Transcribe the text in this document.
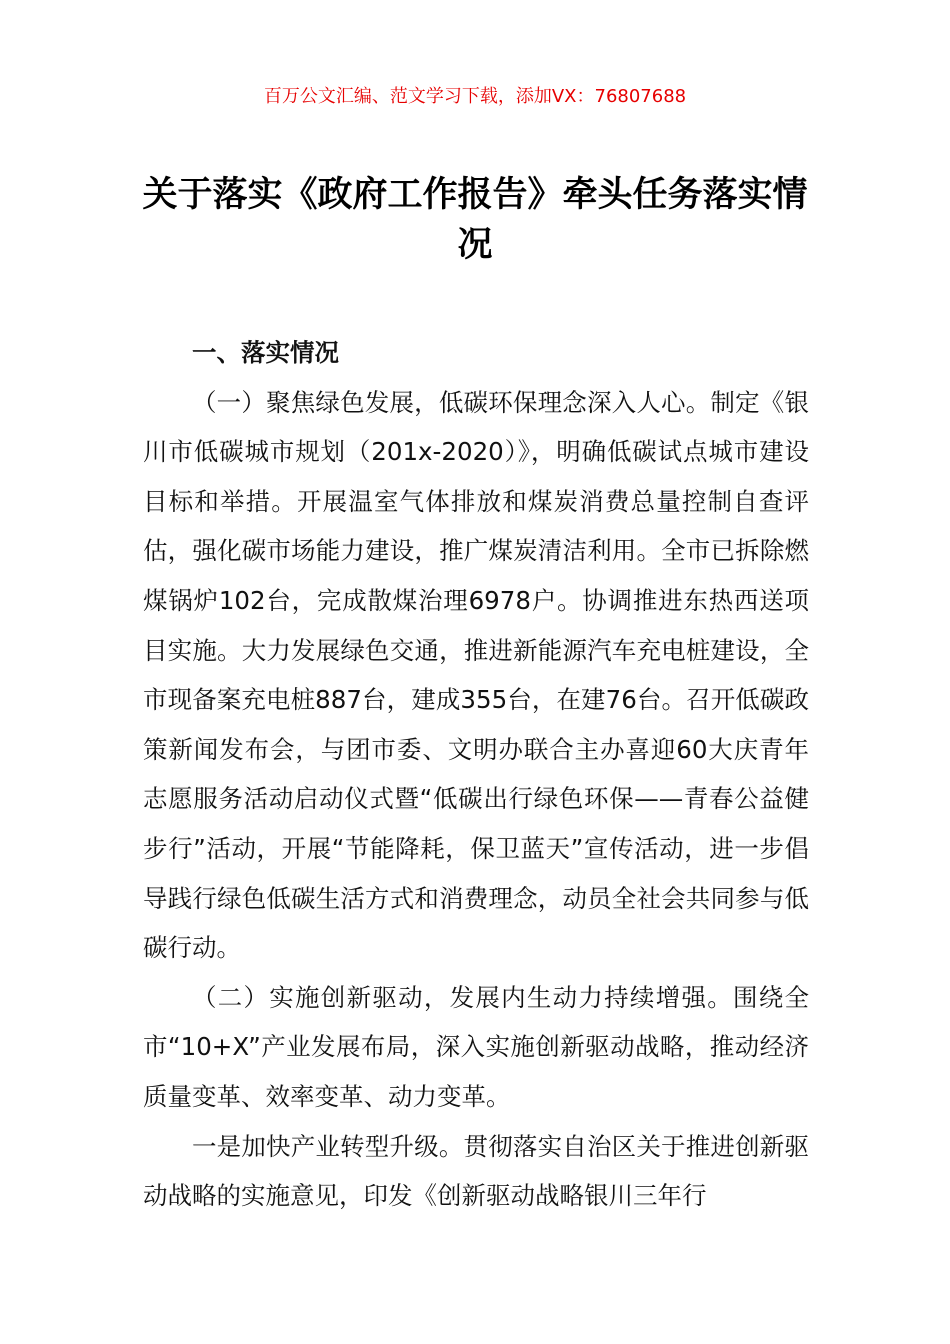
百万公文汇编、范文学习下载，添加VX：76807688
关于落实《政府工作报告》牵头任务落实情况

一、落实情况

（一）聚焦绿色发展，低碳环保理念深入人心。制定《银川市低碳城市规划（201x-2020）》，明确低碳试点城市建设目标和举措。开展温室气体排放和煤炭消费总量控制自查评估，强化碳市场能力建设，推广煤炭清洁利用。全市已拆除燃煤锅炉102台，完成散煤治理6978户。协调推进东热西送项目实施。大力发展绿色交通，推进新能源汽车充电桩建设，全市现备案充电桩887台，建成355台，在建76台。召开低碳政策新闻发布会，与团市委、文明办联合主办喜迎60大庆青年志愿服务活动启动仪式暨“低碳出行绿色环保——青春公益健步行”活动，开展“节能降耗，保卫蓝天”宣传活动，进一步倡导践行绿色低碳生活方式和消费理念，动员全社会共同参与低碳行动。

（二）实施创新驱动，发展内生动力持续增强。围绕全市“10+X”产业发展布局，深入实施创新驱动战略，推动经济质量变革、效率变革、动力变革。

一是加快产业转型升级。贯彻落实自治区关于推进创新驱动战略的实施意见，印发《创新驱动战略银川三年行
